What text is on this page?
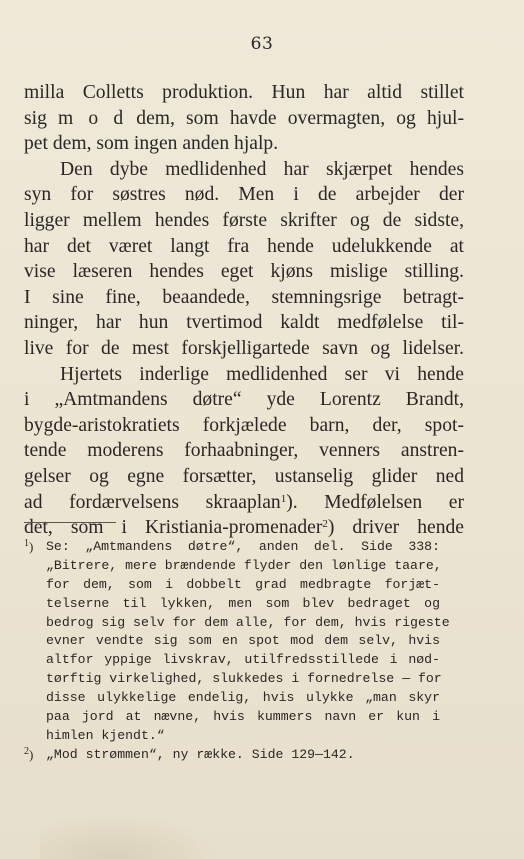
63
milla Colletts produktion. Hun har altid stillet
sig m o d dem, som havde overmagten, og hjul-
pet dem, som ingen anden hjalp.
Den dybe medlidenhed har skjærpet hendes
syn for søstres nød. Men i de arbejder der
ligger mellem hendes første skrifter og de sidste,
har det været langt fra hende udelukkende at
vise læseren hendes eget kjøns mislige stilling.
I sine fine, beaandede, stemningsrige betragt-
ninger, har hun tvertimod kaldt medfølelse til-
live for de mest forskjelligartede savn og lidelser.
Hjertets inderlige medlidenhed ser vi hende
i „Amtmandens døtre“ yde Lorentz Brandt,
bygde-aristokratiets forkjælede barn, der, spot-
tende moderens forhaabninger, venners anstren-
gelser og egne forsætter, ustanselig glider ned
ad fordærvelsens skraaplan$^1$). Medfølelsen er
det, som i Kristiania-promenader$^2$) driver hende
$^1$) Se: „Amtmandens døtre“, anden del. Side 338:
„Bitrere, mere brændende flyder den lønlige taare,
for dem, som i dobbelt grad medbragte forjæt-
telserne til lykken, men som blev bedraget og
bedrog sig selv for dem alle, for dem, hvis rigeste
evner vendte sig som en spot mod dem selv, hvis
altfor yppige livskrav, utilfredsstillede i nød-
tørftig virkelighed, slukkedes i fornedrelse — for
disse ulykkelige endelig, hvis ulykke „man skyr
paa jord at nævne, hvis kummers navn er kun i
himlen kjendt.“
$^2$) „Mod strømmen“, ny række. Side 129—142.
